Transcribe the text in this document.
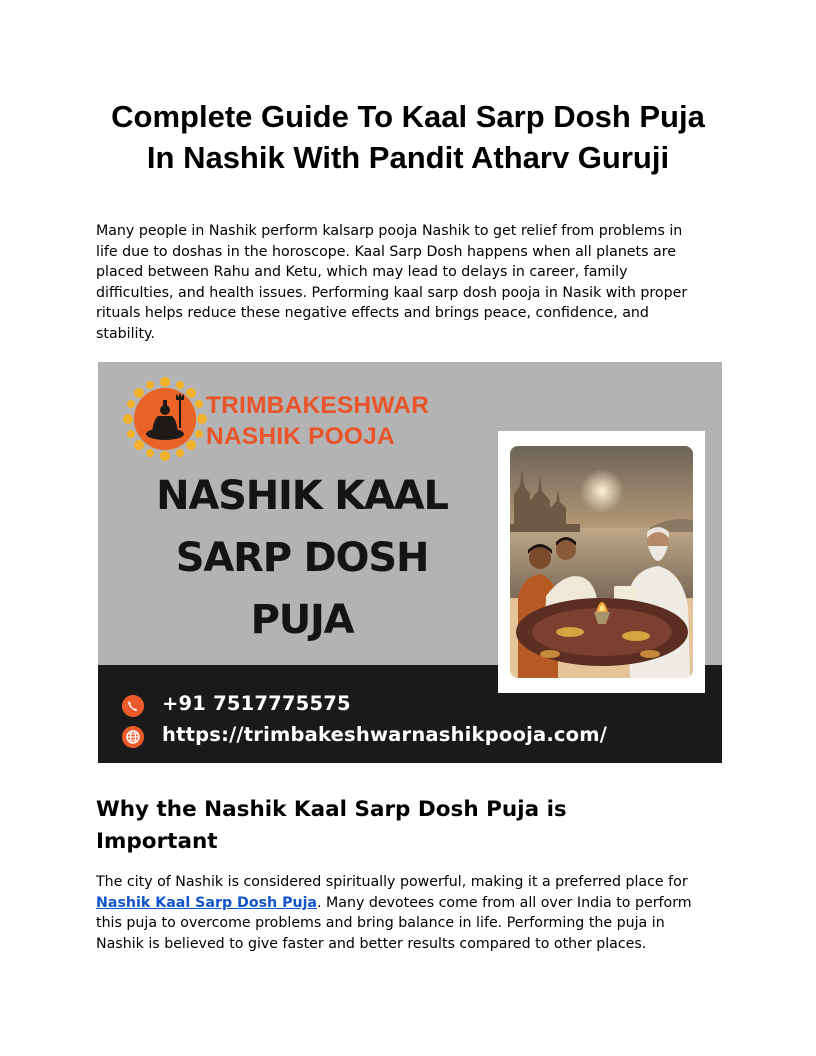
Complete Guide To Kaal Sarp Dosh Puja
In Nashik With Pandit Atharv Guruji
Many people in Nashik perform kalsarp pooja Nashik to get relief from problems in
life due to doshas in the horoscope. Kaal Sarp Dosh happens when all planets are
placed between Rahu and Ketu, which may lead to delays in career, family
difficulties, and health issues. Performing kaal sarp dosh pooja in Nasik with proper
rituals helps reduce these negative effects and brings peace, confidence, and
stability.
TRIMBAKESHWAR
NASHIK POOJA
NASHIK KAAL
SARP DOSH
PUJA
+91 7517775575
https://trimbakeshwarnashikpooja.com/
Why the Nashik Kaal Sarp Dosh Puja is
Important
The city of Nashik is considered spiritually powerful, making it a preferred place for
Nashik Kaal Sarp Dosh Puja. Many devotees come from all over India to perform
this puja to overcome problems and bring balance in life. Performing the puja in
Nashik is believed to give faster and better results compared to other places.
